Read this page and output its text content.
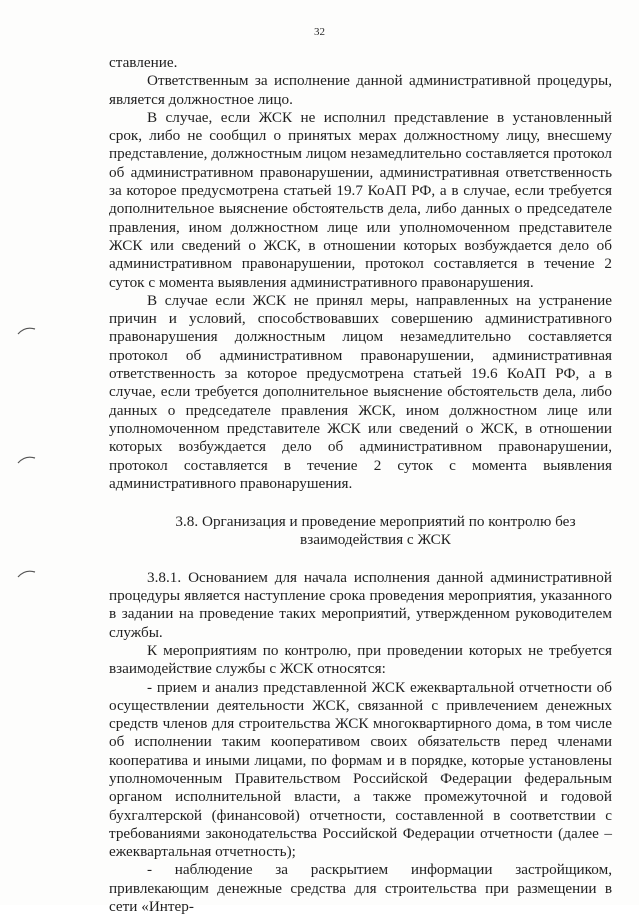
32

ставление.

Ответственным за исполнение данной административной процедуры, является должностное лицо.

В случае, если ЖСК не исполнил представление в установленный срок, либо не сообщил о принятых мерах должностному лицу, внесшему представление, должностным лицом незамедлительно составляется протокол об административном правонарушении, административная ответственность за которое предусмотрена статьей 19.7 КоАП РФ, а в случае, если требуется дополнительное выяснение обстоятельств дела, либо данных о председателе правления, ином должностном лице или уполномоченном представителе ЖСК или сведений о ЖСК, в отношении которых возбуждается дело об административном правонарушении, протокол составляется в течение 2 суток с момента выявления административного правонарушения.

В случае если ЖСК не принял меры, направленных на устранение причин и условий, способствовавших совершению административного правонарушения должностным лицом незамедлительно составляется протокол об административном правонарушении, административная ответственность за которое предусмотрена статьей 19.6 КоАП РФ, а в случае, если требуется дополнительное выяснение обстоятельств дела, либо данных о председателе правления ЖСК, ином должностном лице или уполномоченном представителе ЖСК или сведений о ЖСК, в отношении которых возбуждается дело об административном правонарушении, протокол составляется в течение 2 суток с момента выявления административного правонарушения.

3.8. Организация и проведение мероприятий по контролю без взаимодействия с ЖСК

3.8.1. Основанием для начала исполнения данной административной процедуры является наступление срока проведения мероприятия, указанного в задании на проведение таких мероприятий, утвержденном руководителем службы.

К мероприятиям по контролю, при проведении которых не требуется взаимодействие службы с ЖСК относятся:

- прием и анализ представленной ЖСК ежеквартальной отчетности об осуществлении деятельности ЖСК, связанной с привлечением денежных средств членов для строительства ЖСК многоквартирного дома, в том числе об исполнении таким кооперативом своих обязательств перед членами кооператива и иными лицами, по формам и в порядке, которые установлены уполномоченным Правительством Российской Федерации федеральным органом исполнительной власти, а также промежуточной и годовой бухгалтерской (финансовой) отчетности, составленной в соответствии с требованиями законодательства Российской Федерации отчетности (далее – ежеквартальная отчетность);

- наблюдение за раскрытием информации застройщиком, привлекающим денежные средства для строительства при размещении в сети «Интер-
